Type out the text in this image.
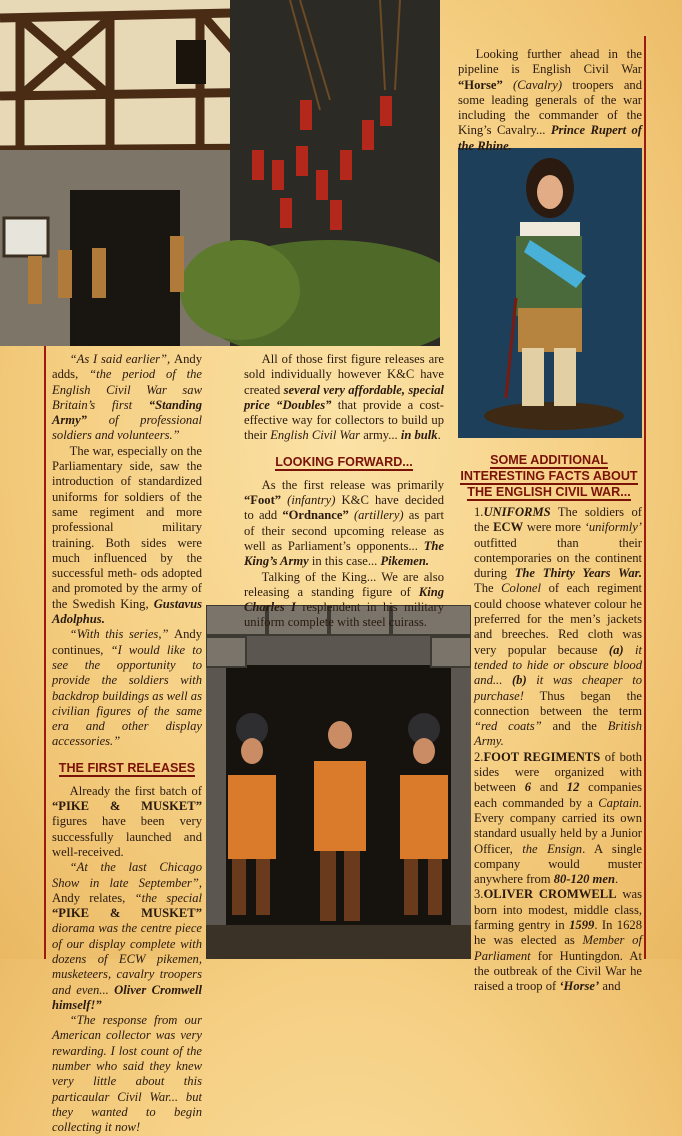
Looking further ahead in the pipeline is English Civil War “Horse” (Cavalry) troopers and some leading generals of the war including the commander of the King’s Cavalry... Prince Rupert of the Rhine.

“As I said earlier”, Andy adds, “the period of the English Civil War saw Britain’s first “Standing Army” of professional soldiers and volunteers.”

The war, especially on the Parliamentary side, saw the introduction of standardized uniforms for soldiers of the same regiment and more professional military training. Both sides were much influenced by the successful meth- ods adopted and promoted by the army of the Swedish King, Gustavus Adolphus.

“With this series,” Andy continues, “I would like to see the opportunity to provide the soldiers with backdrop buildings as well as civilian figures of the same era and other display accessories.”

THE FIRST RELEASES

Already the first batch of “PIKE & MUSKET” figures have been very successfully launched and well-received.

“At the last Chicago Show in late September”, Andy relates, “the special “PIKE & MUSKET” diorama was the centre piece of our display complete with dozens of ECW pikemen, musketeers, cavalry troopers and even... Oliver Cromwell himself!”

“The response from our American collector was very rewarding. I lost count of the number who said they knew very little about this particaular Civil War... but they wanted to begin collecting it now!

All of those first figure releases are sold individually however K&C have created several very affordable, special price “Doubles” that provide a cost-effective way for collectors to build up their English Civil War army... in bulk.

LOOKING FORWARD...

As the first release was primarily “Foot” (infantry) K&C have decided to add “Ordnance” (artillery) as part of their second upcoming release as well as Parliament’s opponents... The King’s Army in this case... Pikemen.

Talking of the King... We are also releasing a standing figure of King Charles I resplendent in his military uniform complete with steel cuirass.

SOME ADDITIONAL
INTERESTING FACTS ABOUT
THE ENGLISH CIVIL WAR...

1.UNIFORMS The soldiers of the ECW were more ‘uniformly’ outfitted than their contemporaries on the continent during The Thirty Years War. The Colonel of each regiment could choose whatever colour he preferred for the men’s jackets and breeches. Red cloth was very popular because (a) it tended to hide or obscure blood and... (b) it was cheaper to purchase! Thus began the connection between the term “red coats” and the British Army.

2.FOOT REGIMENTS of both sides were organized with between 6 and 12 companies each commanded by a Captain. Every company carried its own standard usually held by a Junior Officer, the Ensign. A single company would muster anywhere from 80-120 men.

3.OLIVER CROMWELL was born into modest, middle class, farming gentry in 1599. In 1628 he was elected as Member of Parliament for Huntingdon. At the outbreak of the Civil War he raised a troop of ‘Horse’ and
